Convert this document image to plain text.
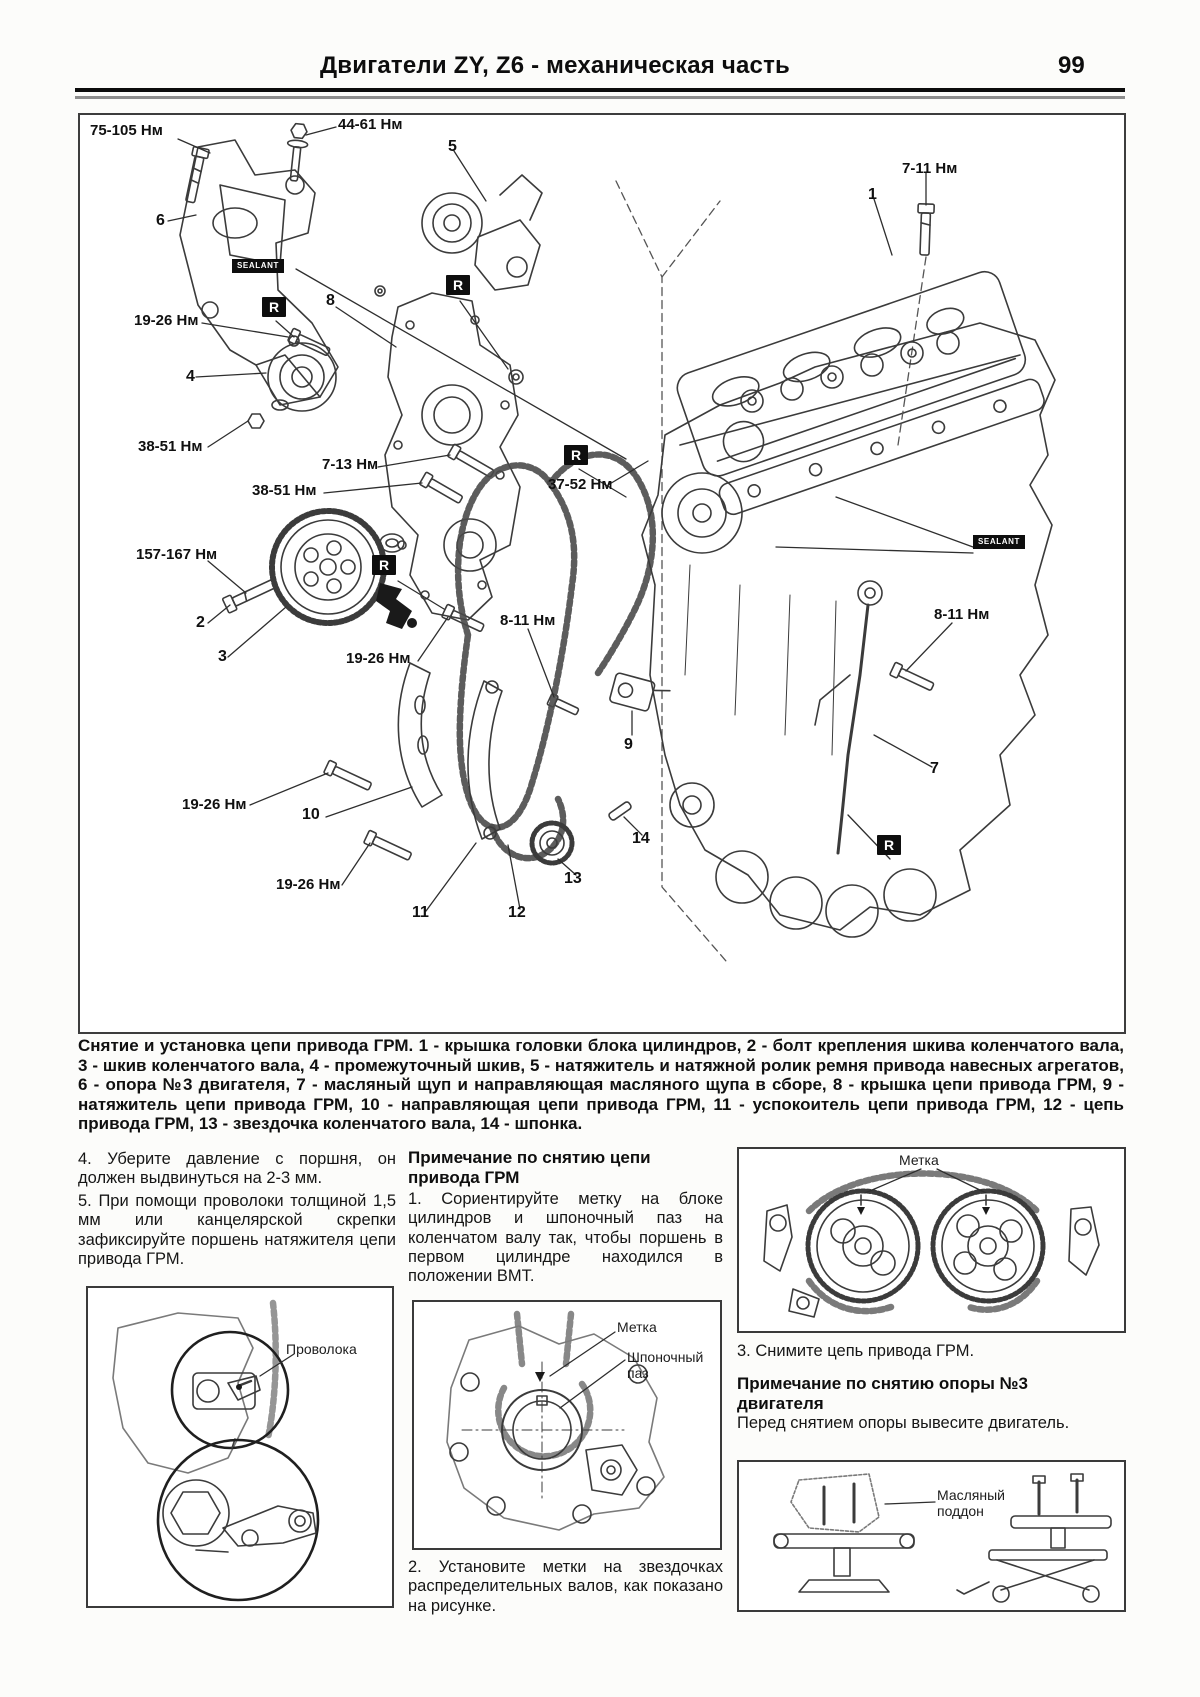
Двигатели ZY, Z6 - механическая часть	99
75-105 Нм	44-61 Нм
5
7-11 Нм
1
6
8
19-26 Нм
4
38-51 Нм
7-13 Нм
38-51 Нм	37-52 Нм
157-167 Нм
2
3
8-11 Нм
19-26 Нм
9
8-11 Нм
7
19-26 Нм
10
19-26 Нм
11	12
13
14
SEALANT
R
R
R
R
SEALANT
R
Снятие и установка цепи привода ГРМ. 1 - крышка головки блока цилиндров, 2 - болт крепления шкива коленчатого вала, 3 - шкив коленчатого вала, 4 - промежуточный шкив, 5 - натяжитель и натяжной ролик ремня привода навесных агрегатов, 6 - опора №3 двигателя, 7 - масляный щуп и направляющая масляного щупа в сборе, 8 - крышка цепи привода ГРМ, 9 - натяжитель цепи привода ГРМ, 10 - направляющая цепи привода ГРМ, 11 - успокоитель цепи привода ГРМ, 12 - цепь привода ГРМ, 13 - звездочка коленчатого вала, 14 - шпонка.
4. Уберите давление с поршня, он должен выдвинуться на 2-3 мм.
5. При помощи проволоки толщиной 1,5 мм или канцелярской скрепки зафиксируйте поршень натяжителя цепи привода ГРМ.
Проволока
Примечание по снятию цепи привода ГРМ
1. Сориентируйте метку на блоке цилиндров и шпоночный паз на коленчатом валу так, чтобы поршень в первом цилиндре находился в положении ВМТ.
Метка
Шпоночный паз
2. Установите метки на звездочках распределительных валов, как показано на рисунке.
Метка
3. Снимите цепь привода ГРМ.
Примечание по снятию опоры №3 двигателя
Перед снятием опоры вывесите двигатель.
Масляный поддон
